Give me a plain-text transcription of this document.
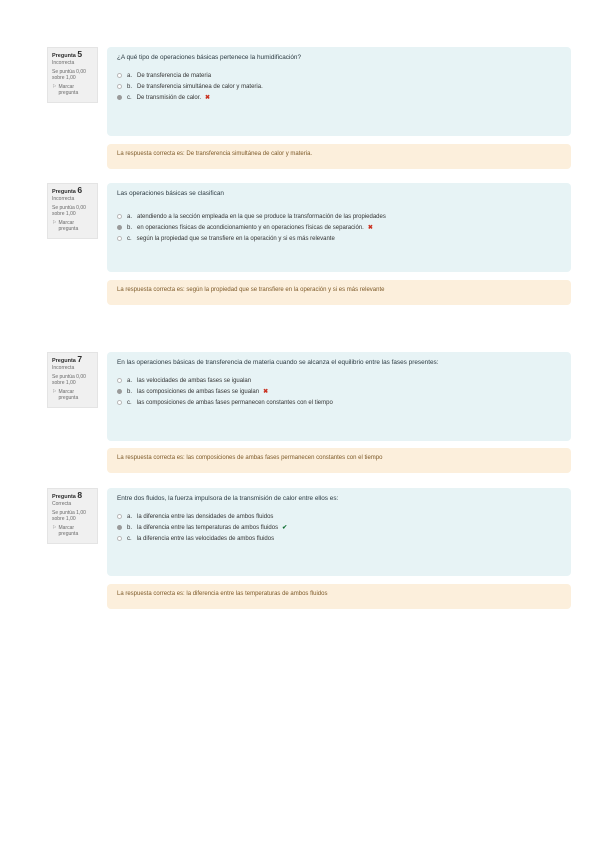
Pregunta 5
Incorrecta
Se puntúa 0,00 sobre 1,00
⚐ Marcar pregunta
¿A qué tipo de operaciones básicas pertenece la humidificación?
a. De transferencia de materia
b. De transferencia simultánea de calor y materia.
c. De transmisión de calor. ✖
La respuesta correcta es: De transferencia simultánea de calor y materia.
Pregunta 6
Incorrecta
Se puntúa 0,00 sobre 1,00
⚐ Marcar pregunta
Las operaciones básicas se clasifican
a. atendiendo a la sección empleada en la que se produce la transformación de las propiedades
b. en operaciones físicas de acondicionamiento y en operaciones físicas de separación. ✖
c. según la propiedad que se transfiere en la operación y si es más relevante
La respuesta correcta es: según la propiedad que se transfiere en la operación y si es más relevante
Pregunta 7
Incorrecta
Se puntúa 0,00 sobre 1,00
⚐ Marcar pregunta
En las operaciones básicas de transferencia de materia cuando se alcanza el equilibrio entre las fases presentes:
a. las velocidades de ambas fases se igualan
b. las composiciones de ambas fases se igualan ✖
c. las composiciones de ambas fases permanecen constantes con el tiempo
La respuesta correcta es: las composiciones de ambas fases permanecen constantes con el tiempo
Pregunta 8
Correcta
Se puntúa 1,00 sobre 1,00
⚐ Marcar pregunta
Entre dos fluidos, la fuerza impulsora de la transmisión de calor entre ellos es:
a. la diferencia entre las densidades de ambos fluidos
b. la diferencia entre las temperaturas de ambos fluidos ✔
c. la diferencia entre las velocidades de ambos fluidos
La respuesta correcta es: la diferencia entre las temperaturas de ambos fluidos
